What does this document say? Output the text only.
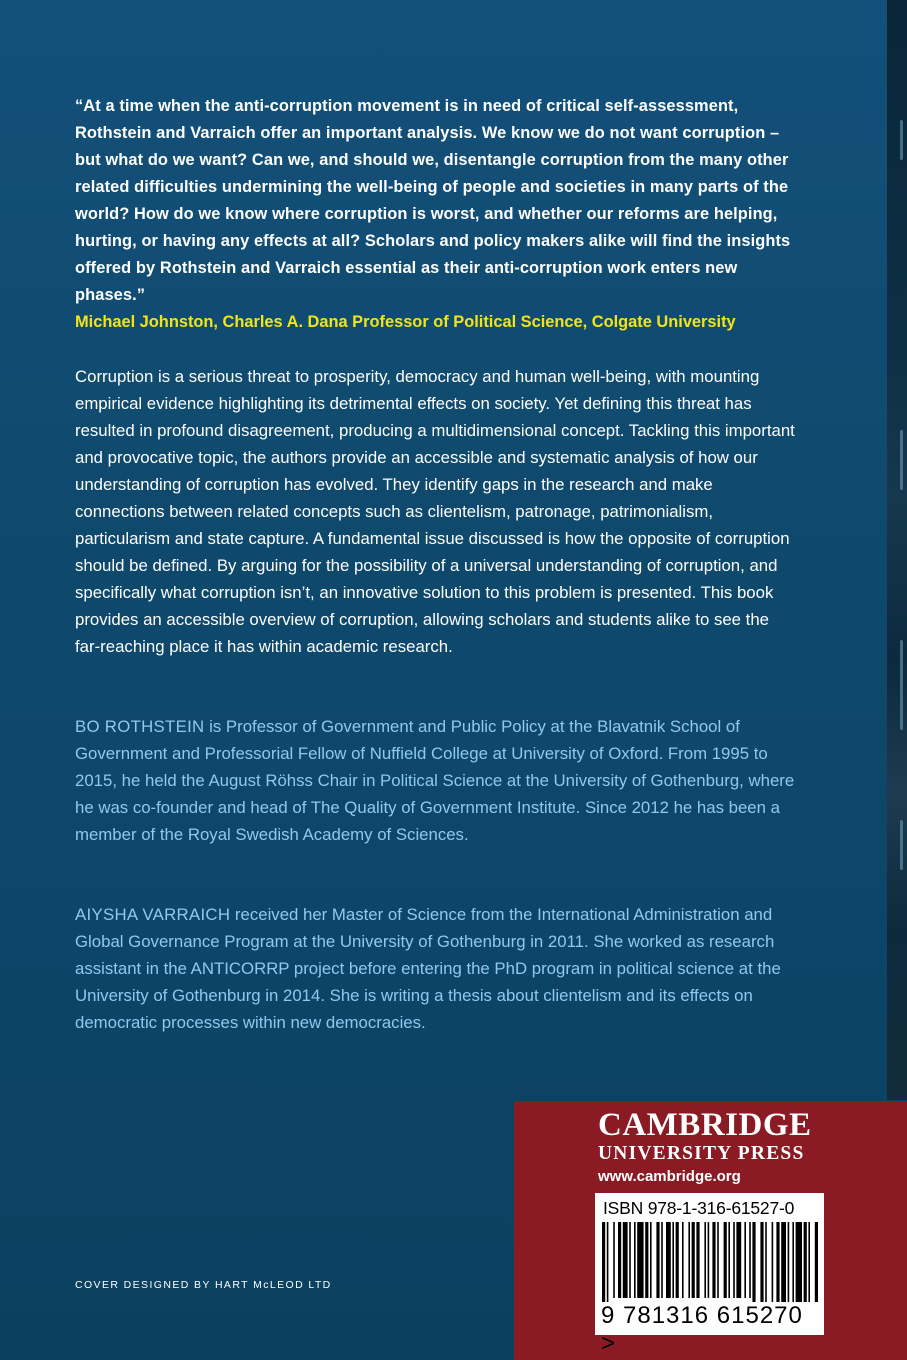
“At a time when the anti-corruption movement is in need of critical self-assessment, Rothstein and Varraich offer an important analysis. We know we do not want corruption – but what do we want? Can we, and should we, disentangle corruption from the many other related difficulties undermining the well-being of people and societies in many parts of the world? How do we know where corruption is worst, and whether our reforms are helping, hurting, or having any effects at all? Scholars and policy makers alike will find the insights offered by Rothstein and Varraich essential as their anti-corruption work enters new phases.”

Michael Johnston, Charles A. Dana Professor of Political Science, Colgate University

Corruption is a serious threat to prosperity, democracy and human well-being, with mounting empirical evidence highlighting its detrimental effects on society. Yet defining this threat has resulted in profound disagreement, producing a multidimensional concept. Tackling this important and provocative topic, the authors provide an accessible and systematic analysis of how our understanding of corruption has evolved. They identify gaps in the research and make connections between related concepts such as clientelism, patronage, patrimonialism, particularism and state capture. A fundamental issue discussed is how the opposite of corruption should be defined. By arguing for the possibility of a universal understanding of corruption, and specifically what corruption isn’t, an innovative solution to this problem is presented. This book provides an accessible overview of corruption, allowing scholars and students alike to see the far-reaching place it has within academic research.

BO ROTHSTEIN is Professor of Government and Public Policy at the Blavatnik School of Government and Professorial Fellow of Nuffield College at University of Oxford. From 1995 to 2015, he held the August Röhss Chair in Political Science at the University of Gothenburg, where he was co-founder and head of The Quality of Government Institute. Since 2012 he has been a member of the Royal Swedish Academy of Sciences.

AIYSHA VARRAICH received her Master of Science from the International Administration and Global Governance Program at the University of Gothenburg in 2011. She worked as research assistant in the ANTICORRP project before entering the PhD program in political science at the University of Gothenburg in 2014. She is writing a thesis about clientelism and its effects on democratic processes within new democracies.

COVER DESIGNED BY HART McLEOD LTD

CAMBRIDGE

UNIVERSITY PRESS

www.cambridge.org

ISBN 978-1-316-61527-0

9 781316 615270 >
